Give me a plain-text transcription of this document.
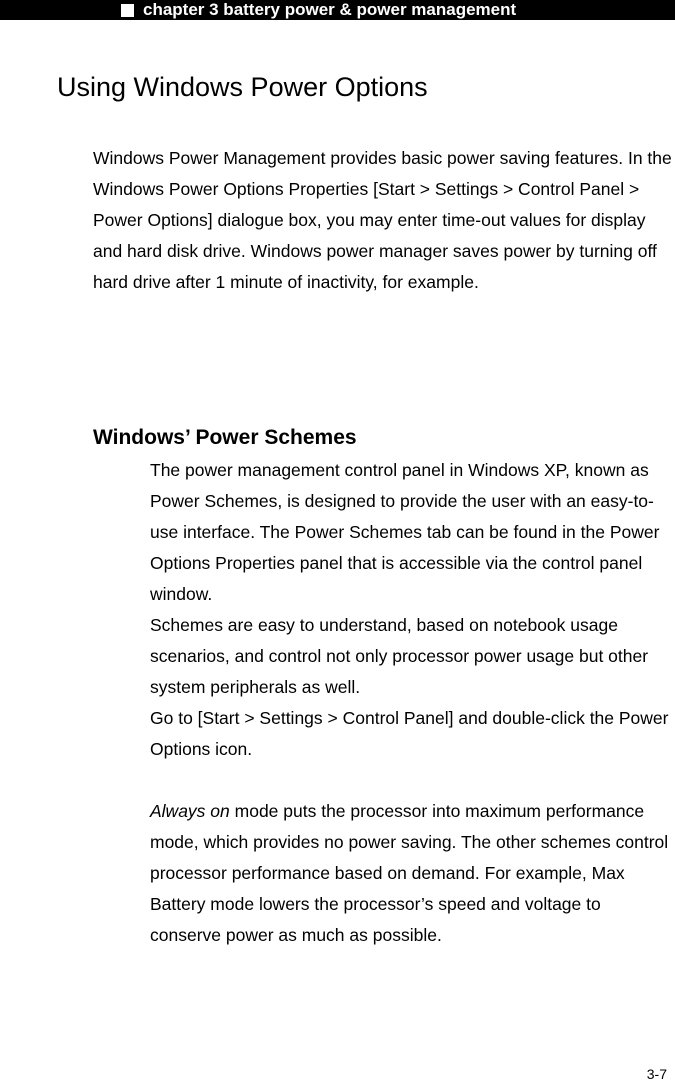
chapter 3 battery power & power management
Using Windows Power Options

Windows Power Management provides basic power saving features. In the Windows Power Options Properties [Start > Settings > Control Panel > Power Options] dialogue box, you may enter time-out values for display and hard disk drive. Windows power manager saves power by turning off hard drive after 1 minute of inactivity, for example.

Windows’ Power Schemes

The power management control panel in Windows XP, known as Power Schemes, is designed to provide the user with an easy-to-use interface. The Power Schemes tab can be found in the Power Options Properties panel that is accessible via the control panel window.

Schemes are easy to understand, based on notebook usage scenarios, and control not only processor power usage but other system peripherals as well.

Go to [Start > Settings > Control Panel] and double-click the Power Options icon.

Always on mode puts the processor into maximum performance mode, which provides no power saving. The other schemes control processor performance based on demand. For example, Max Battery mode lowers the processor’s speed and voltage to conserve power as much as possible.

3-7
